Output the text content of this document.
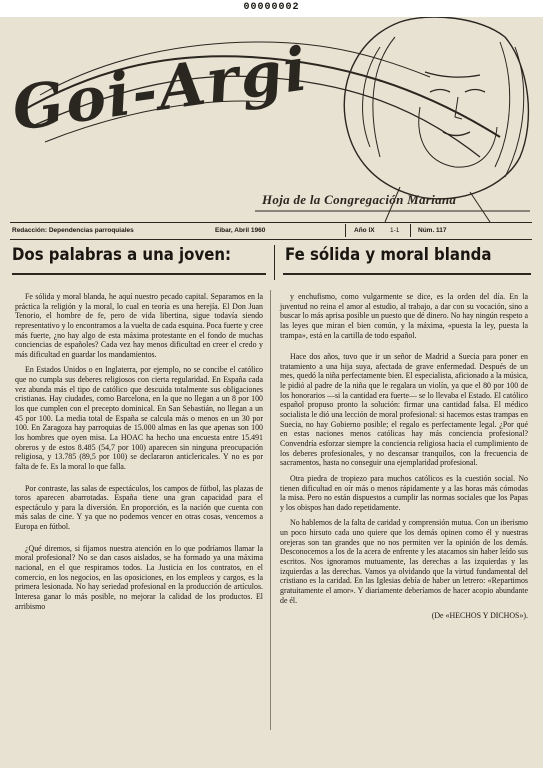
00000002
Goi-Argi
Hoja de la Congregación Mariana
Redacción: Dependencias parroquiales	Eibar, Abril 1960	Año IX 1-1	Núm. 117
Dos palabras a una joven:	Fe sólida y moral blanda

Fe sólida y moral blanda, he aquí nuestro pecado capital. Separamos en la práctica la religión y la moral, lo cual en teoría es una herejía. El Don Juan Tenorio, el hombre de fe, pero de vida libertina, sigue todavía siendo representativo y lo encontramos a la vuelta de cada esquina. Poca fuerte y cree más fuerte, ¿no hay algo de esta máxima protestante en el fondo de muchas conciencias de españoles? Cada vez hay menos dificultad en creer el credo y más dificultad en guardar los mandamientos.

En Estados Unidos o en Inglaterra, por ejemplo, no se concibe el católico que no cumpla sus deberes religiosos con cierta regularidad. En España cada vez abunda más el tipo de católico que descuida totalmente sus obligaciones cristianas. Hay ciudades, como Barcelona, en la que no llegan a un 8 por 100 los que cumplen con el precepto dominical. En San Sebastián, no llegan a un 45 por 100. La media total de España se calcula más o menos en un 30 por 100. En Zaragoza hay parroquias de 15.000 almas en las que apenas son 100 los hombres que oyen misa. La HOAC ha hecho una encuesta entre 15.491 obreros y de estos 8.485 (54,7 por 100) aparecen sin ninguna preocupación religiosa, y 13.785 (89,5 por 100) se declararon anticlericales. Y no es por falta de fe. Es la moral lo que falla.

Por contraste, las salas de espectáculos, los campos de fútbol, las plazas de toros aparecen abarrotadas. España tiene una gran capacidad para el espectáculo y para la diversión. En proporción, es la nación que cuenta con más salas de cine. Y ya que no podemos vencer en otras cosas, vencemos a Europa en fútbol.

¿Qué diremos, si fijamos nuestra atención en lo que podríamos llamar la moral profesional? No se dan casos aislados, se ha formado ya una máxima nacional, en el que respiramos todos. La Justicia en los contratos, en el comercio, en los negocios, en las oposiciones, en los empleos y cargos, es la primera lesionada. No hay seriedad profesional en la producción de artículos. Interesa ganar lo más posible, no mejorar la calidad de los productos. El arribismo

y enchufismo, como vulgarmente se dice, es la orden del día. En la juventud no reina el amor al estudio, al trabajo, a dar con su vocación, sino a buscar lo más aprisa posible un puesto que dé dinero. No hay ningún respeto a las leyes que miran el bien común, y la máxima, «puesta la ley, puesta la trampa», está en la cartilla de todo español.

Hace dos años, tuvo que ir un señor de Madrid a Suecia para poner en tratamiento a una hija suya, afectada de grave enfermedad. Después de un mes, quedó la niña perfectamente bien. El especialista, aficionado a la música, le pidió al padre de la niña que le regalara un violín, ya que el 80 por 100 de los honorarios —si la cantidad era fuerte— se lo llevaba el Estado. El católico español propuso pronto la solución: firmar una cantidad falsa. El médico socialista le dió una lección de moral profesional: si hacemos estas trampas en Suecia, no hay Gobierno posible; el regalo es perfectamente legal. ¿Por qué en estas naciones menos católicas hay más conciencia profesional? Convendría esforzar siempre la conciencia religiosa hacia el cumplimiento de los deberes profesionales, y no descansar tranquilos, con la frecuencia de sacramentos, hasta no conseguir una ejemplaridad profesional.

Otra piedra de tropiezo para muchos católicos es la cuestión social. No tienen dificultad en oír más o menos rápidamente y a las horas más cómodas la misa. Pero no están dispuestos a cumplir las normas sociales que los Papas y los obispos han dado repetidamente.

No hablemos de la falta de caridad y comprensión mutua. Con un iberismo un poco hirsuto cada uno quiere que los demás opinen como él y nuestras orejeras son tan grandes que no nos permiten ver la opinión de los demás. Desconocemos a los de la acera de enfrente y les atacamos sin haber leído sus escritos. Nos ignoramos mutuamente, las derechas a las izquierdas y las izquierdas a las derechas. Vamos ya olvidando que la virtud fundamental del cristiano es la caridad. En las Iglesias debía de haber un letrero: «Repartimos gratuitamente el amor». Y diariamente deberíamos de hacer acopio abundante de él.

(De «HECHOS Y DICHOS»).
